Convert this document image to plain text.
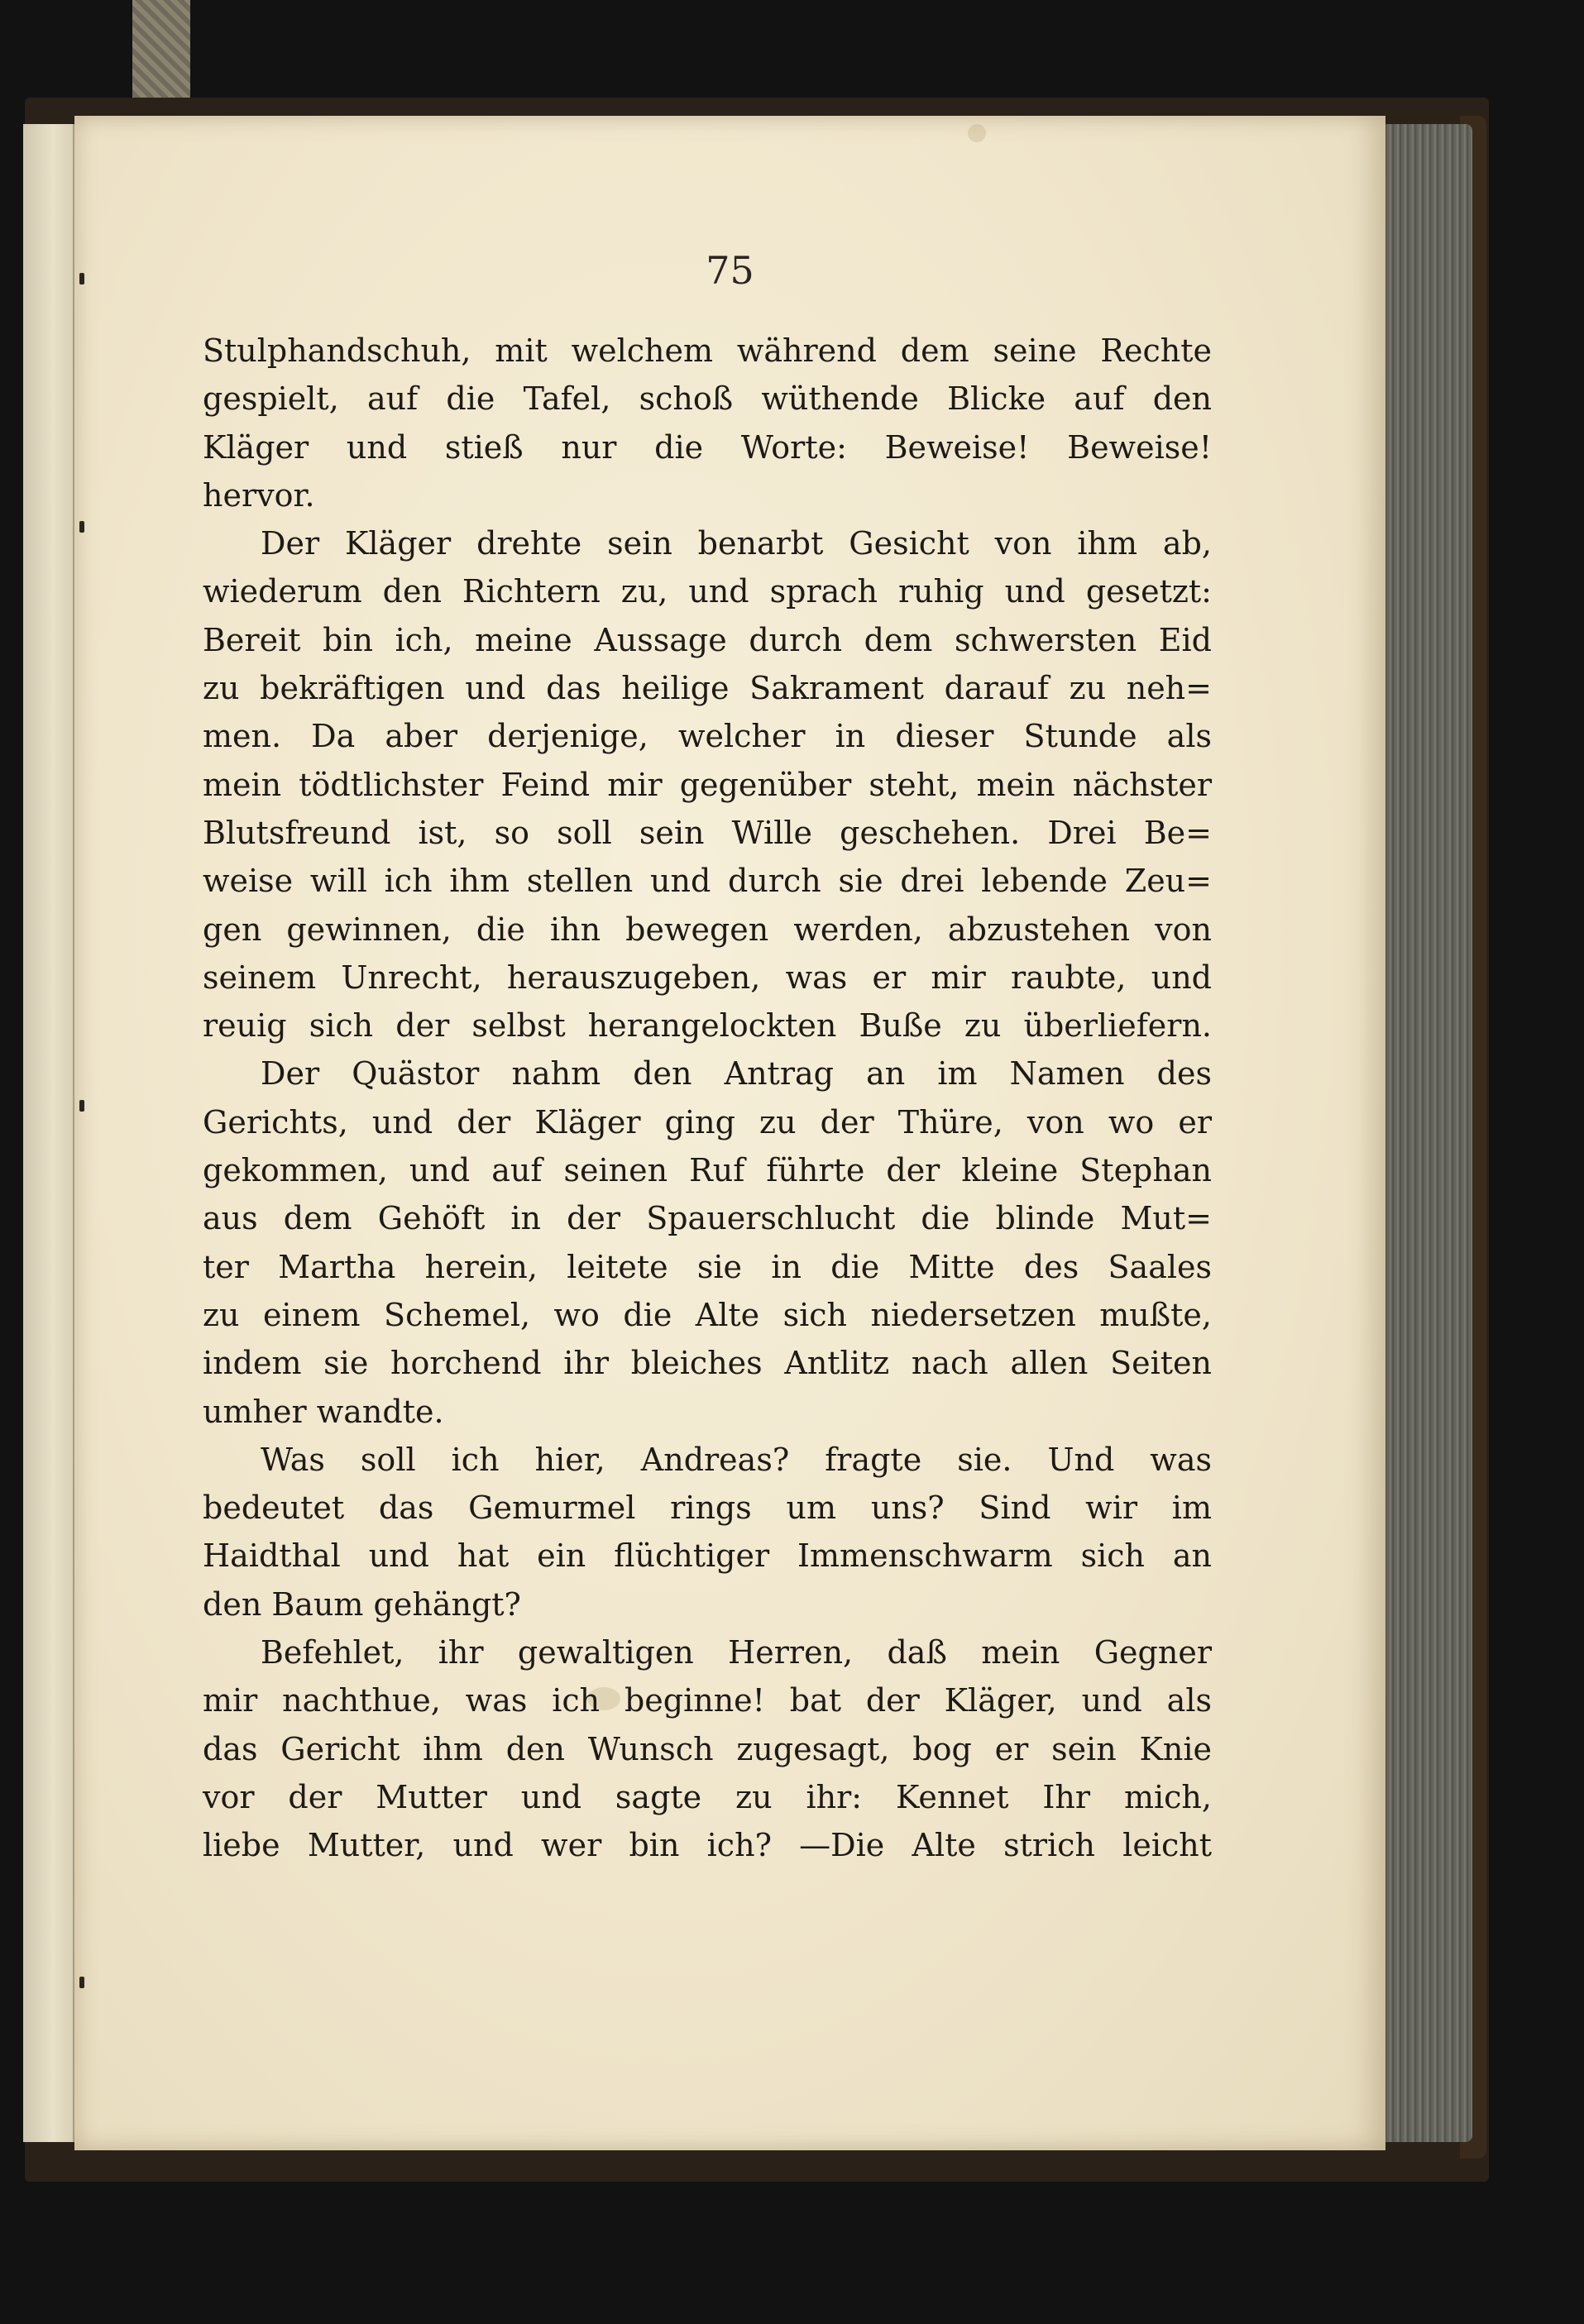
75

Stulphandschuh, mit welchem während dem seine Rechte
gespielt, auf die Tafel, schoß wüthende Blicke auf den
Kläger und stieß nur die Worte: Beweise! Beweise!
hervor.
Der Kläger drehte sein benarbt Gesicht von ihm ab,
wiederum den Richtern zu, und sprach ruhig und gesetzt:
Bereit bin ich, meine Aussage durch dem schwersten Eid
zu bekräftigen und das heilige Sakrament darauf zu neh=
men. Da aber derjenige, welcher in dieser Stunde als
mein tödtlichster Feind mir gegenüber steht, mein nächster
Blutsfreund ist, so soll sein Wille geschehen. Drei Be=
weise will ich ihm stellen und durch sie drei lebende Zeu=
gen gewinnen, die ihn bewegen werden, abzustehen von
seinem Unrecht, herauszugeben, was er mir raubte, und
reuig sich der selbst herangelockten Buße zu überliefern.
Der Quästor nahm den Antrag an im Namen des
Gerichts, und der Kläger ging zu der Thüre, von wo er
gekommen, und auf seinen Ruf führte der kleine Stephan
aus dem Gehöft in der Spauerschlucht die blinde Mut=
ter Martha herein, leitete sie in die Mitte des Saales
zu einem Schemel, wo die Alte sich niedersetzen mußte,
indem sie horchend ihr bleiches Antlitz nach allen Seiten
umher wandte.
Was soll ich hier, Andreas? fragte sie. Und was
bedeutet das Gemurmel rings um uns? Sind wir im
Haidthal und hat ein flüchtiger Immenschwarm sich an
den Baum gehängt?
Befehlet, ihr gewaltigen Herren, daß mein Gegner
mir nachthue, was ich beginne! bat der Kläger, und als
das Gericht ihm den Wunsch zugesagt, bog er sein Knie
vor der Mutter und sagte zu ihr: Kennet Ihr mich,
liebe Mutter, und wer bin ich? —Die Alte strich leicht
